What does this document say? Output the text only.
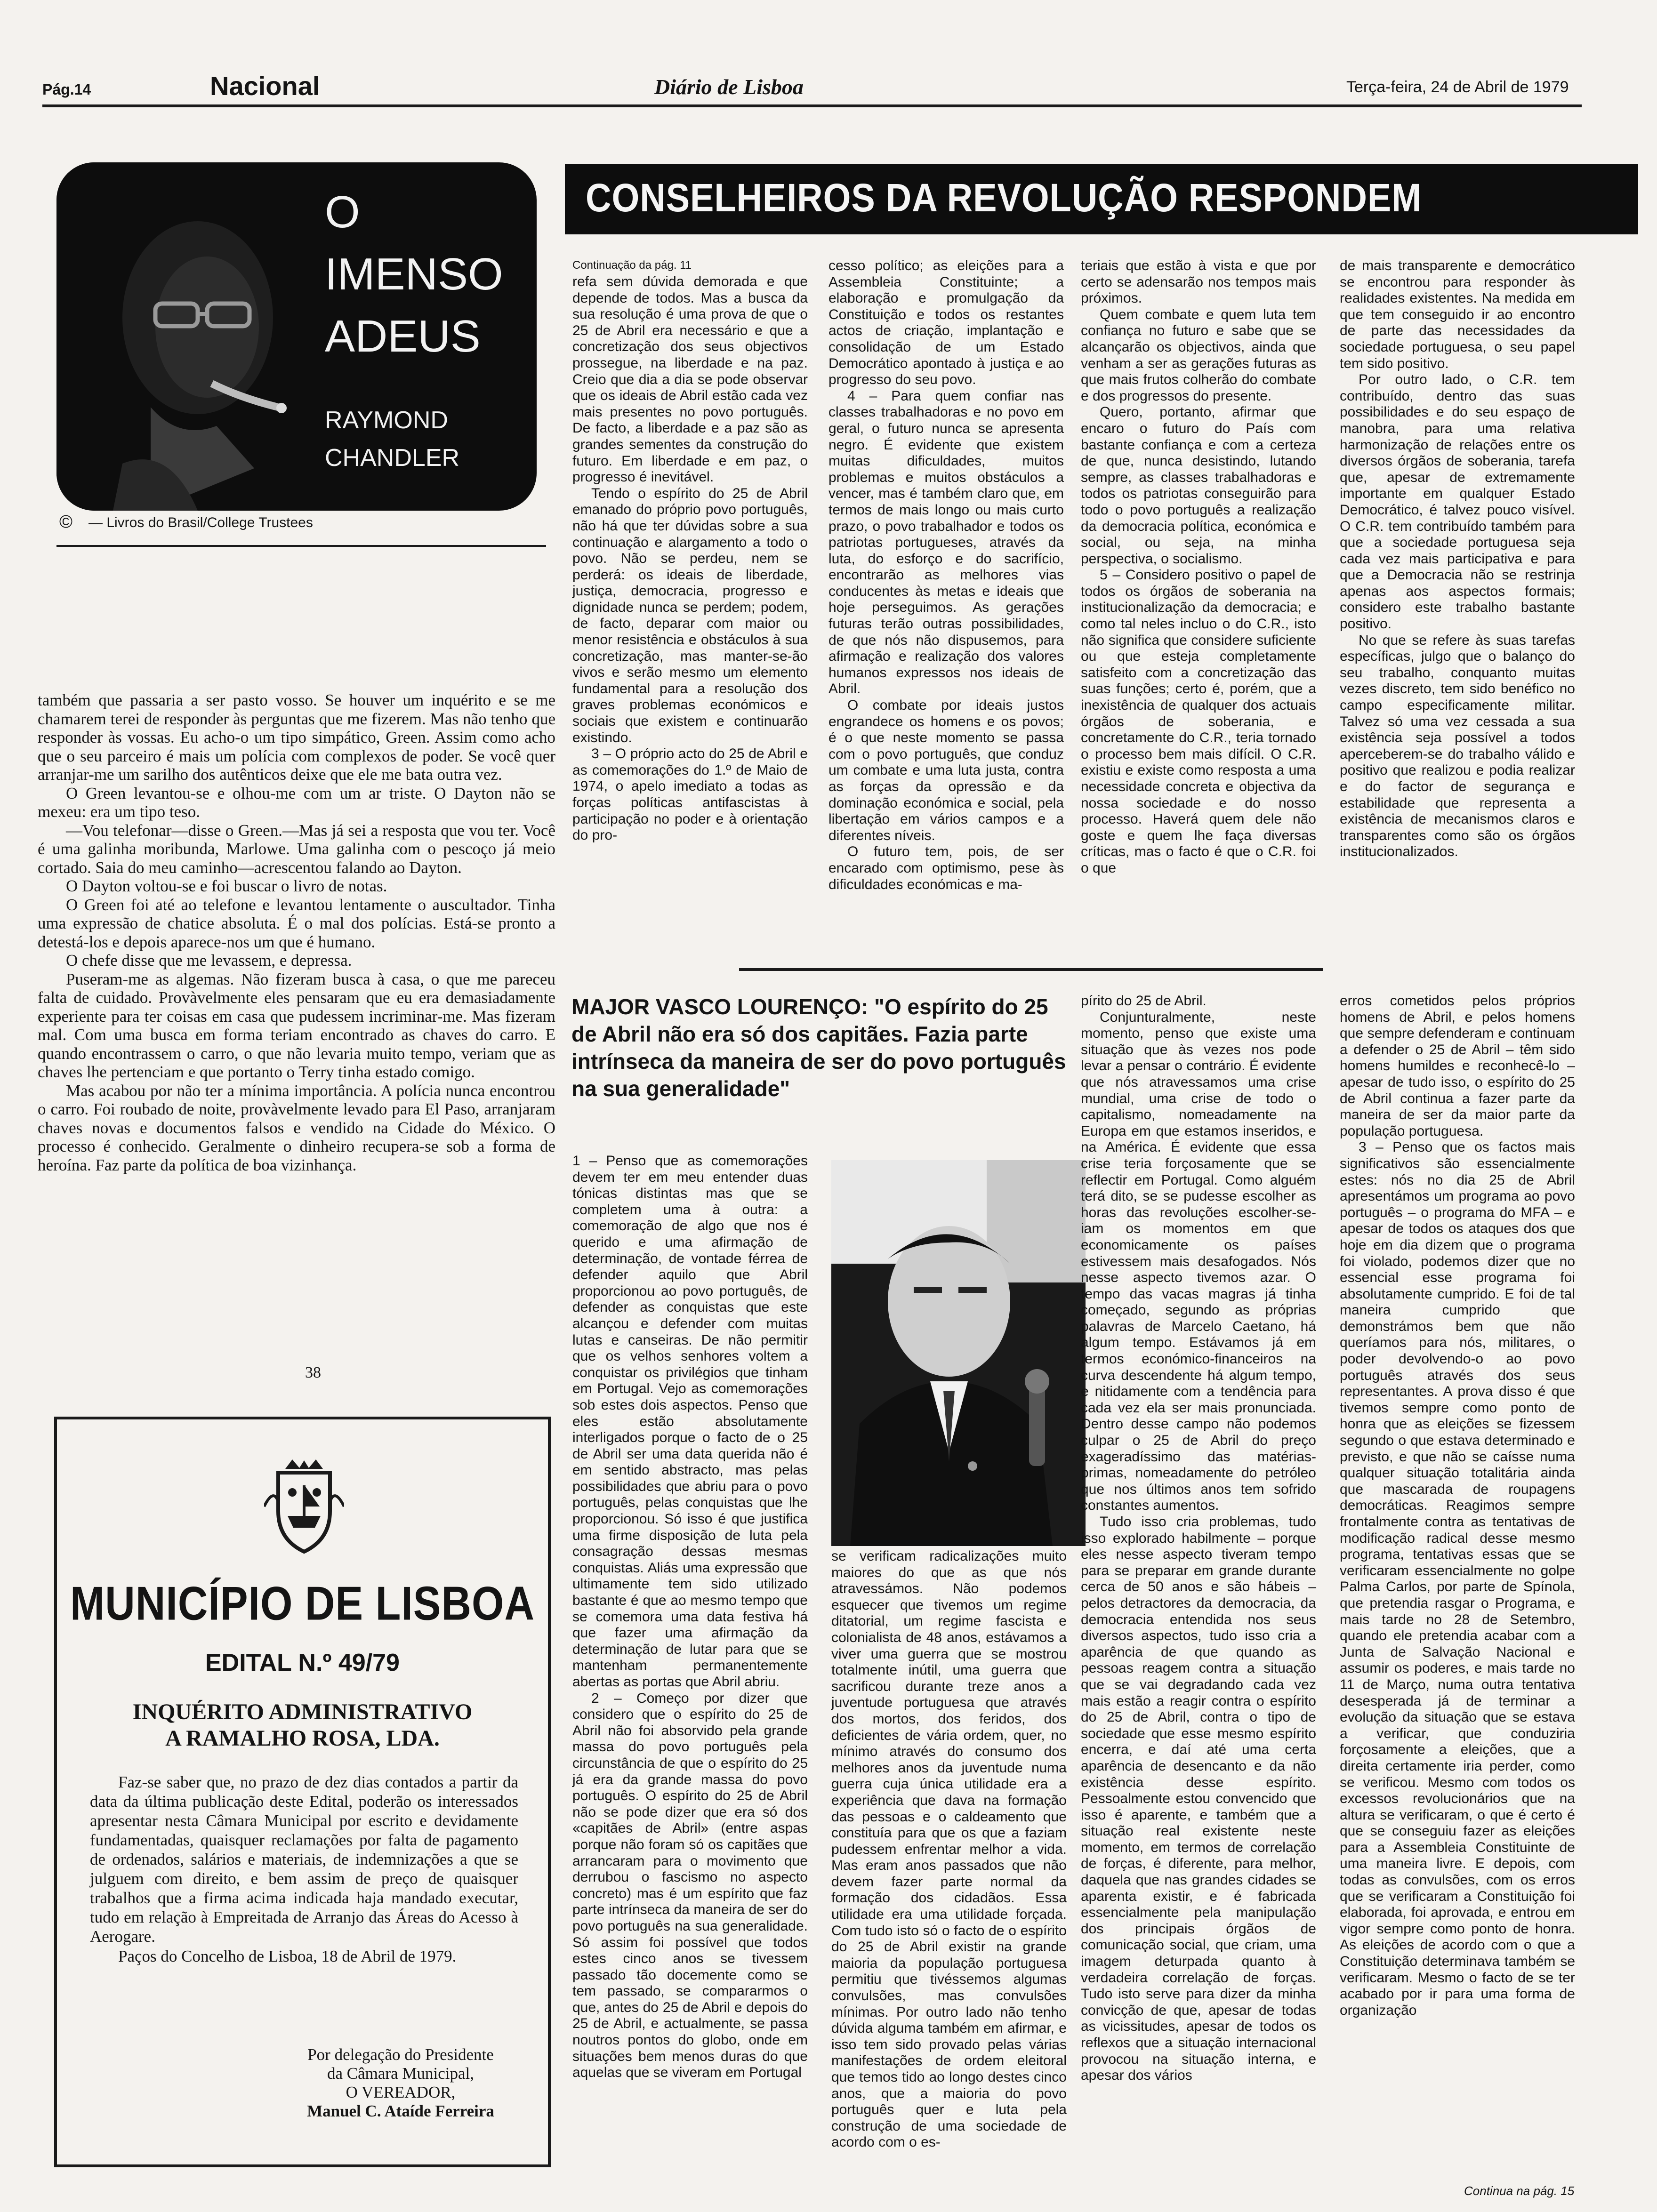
Pág.14	Nacional	Diário de Lisboa	Terça-feira, 24 de Abril de 1979
O
IMENSO
ADEUS
RAYMOND
CHANDLER
© — Livros do Brasil/College Trustees

também que passaria a ser pasto vosso. Se houver um inquérito e se me chamarem terei de responder às perguntas que me fizerem. Mas não tenho que responder às vossas. Eu acho-o um tipo simpático, Green. Assim como acho que o seu parceiro é mais um polícia com complexos de poder. Se você quer arranjar-me um sarilho dos autênticos deixe que ele me bata outra vez.

O Green levantou-se e olhou-me com um ar triste. O Dayton não se mexeu: era um tipo teso.

—Vou telefonar—disse o Green.—Mas já sei a resposta que vou ter. Você é uma galinha moribunda, Marlowe. Uma galinha com o pescoço já meio cortado. Saia do meu caminho—acrescentou falando ao Dayton.

O Dayton voltou-se e foi buscar o livro de notas.

O Green foi até ao telefone e levantou lentamente o auscultador. Tinha uma expressão de chatice absoluta. É o mal dos polícias. Está-se pronto a detestá-los e depois aparece-nos um que é humano.

O chefe disse que me levassem, e depressa.

Puseram-me as algemas. Não fizeram busca à casa, o que me pareceu falta de cuidado. Provàvelmente eles pensaram que eu era demasiadamente experiente para ter coisas em casa que pudessem incriminar-me. Mas fizeram mal. Com uma busca em forma teriam encontrado as chaves do carro. E quando encontrassem o carro, o que não levaria muito tempo, veriam que as chaves lhe pertenciam e que portanto o Terry tinha estado comigo.

Mas acabou por não ter a mínima importância. A polícia nunca encontrou o carro. Foi roubado de noite, provàvelmente levado para El Paso, arranjaram chaves novas e documentos falsos e vendido na Cidade do México. O processo é conhecido. Geralmente o dinheiro recupera-se sob a forma de heroína. Faz parte da política de boa vizinhança.

38
MUNICÍPIO DE LISBOA
EDITAL N.º 49/79
INQUÉRITO ADMINISTRATIVO
A RAMALHO ROSA, LDA.
Faz-se saber que, no prazo de dez dias contados a partir da data da última publicação deste Edital, poderão os interessados apresentar nesta Câmara Municipal por escrito e devidamente fundamentadas, quaisquer reclamações por falta de pagamento de ordenados, salários e materiais, de indemnizações a que se julguem com direito, e bem assim de preço de quaisquer trabalhos que a firma acima indicada haja mandado executar, tudo em relação à Empreitada de Arranjo das Áreas do Acesso à Aerogare.
Paços do Concelho de Lisboa, 18 de Abril de 1979.
Por delegação do Presidente
da Câmara Municipal,
O VEREADOR,
Manuel C. Ataíde Ferreira
CONSELHEIROS DA REVOLUÇÃO RESPONDEM
Continuação da pág. 11

refa sem dúvida demorada e que depende de todos. Mas a busca da sua resolução é uma prova de que o 25 de Abril era necessário e que a concretização dos seus objectivos prossegue, na liberdade e na paz. Creio que dia a dia se pode observar que os ideais de Abril estão cada vez mais presentes no povo português. De facto, a liberdade e a paz são as grandes sementes da construção do futuro. Em liberdade e em paz, o progresso é inevitável.

Tendo o espírito do 25 de Abril emanado do próprio povo português, não há que ter dúvidas sobre a sua continuação e alargamento a todo o povo. Não se perdeu, nem se perderá: os ideais de liberdade, justiça, democracia, progresso e dignidade nunca se perdem; podem, de facto, deparar com maior ou menor resistência e obstáculos à sua concretização, mas manter-se-ão vivos e serão mesmo um elemento fundamental para a resolução dos graves problemas económicos e sociais que existem e continuarão existindo.

3 – O próprio acto do 25 de Abril e as comemorações do 1.º de Maio de 1974, o apelo imediato a todas as forças políticas antifascistas à participação no poder e à orientação do pro-

cesso político; as eleições para a Assembleia Constituinte; a elaboração e promulgação da Constituição e todos os restantes actos de criação, implantação e consolidação de um Estado Democrático apontado à justiça e ao progresso do seu povo.

4 – Para quem confiar nas classes trabalhadoras e no povo em geral, o futuro nunca se apresenta negro. É evidente que existem muitas dificuldades, muitos problemas e muitos obstáculos a vencer, mas é também claro que, em termos de mais longo ou mais curto prazo, o povo trabalhador e todos os patriotas portugueses, através da luta, do esforço e do sacrifício, encontrarão as melhores vias conducentes às metas e ideais que hoje perseguimos. As gerações futuras terão outras possibilidades, de que nós não dispusemos, para afirmação e realização dos valores humanos expressos nos ideais de Abril.

O combate por ideais justos engrandece os homens e os povos; é o que neste momento se passa com o povo português, que conduz um combate e uma luta justa, contra as forças da opressão e da dominação económica e social, pela libertação em vários campos e a diferentes níveis.

O futuro tem, pois, de ser encarado com optimismo, pese às dificuldades económicas e ma-

teriais que estão à vista e que por certo se adensarão nos tempos mais próximos.

Quem combate e quem luta tem confiança no futuro e sabe que se alcançarão os objectivos, ainda que venham a ser as gerações futuras as que mais frutos colherão do combate e dos progressos do presente.

Quero, portanto, afirmar que encaro o futuro do País com bastante confiança e com a certeza de que, nunca desistindo, lutando sempre, as classes trabalhadoras e todos os patriotas conseguirão para todo o povo português a realização da democracia política, económica e social, ou seja, na minha perspectiva, o socialismo.

5 – Considero positivo o papel de todos os órgãos de soberania na institucionalização da democracia; e como tal neles incluo o do C.R., isto não significa que considere suficiente ou que esteja completamente satisfeito com a concretização das suas funções; certo é, porém, que a inexistência de qualquer dos actuais órgãos de soberania, e concretamente do C.R., teria tornado o processo bem mais difícil. O C.R. existiu e existe como resposta a uma necessidade concreta e objectiva da nossa sociedade e do nosso processo. Haverá quem dele não goste e quem lhe faça diversas críticas, mas o facto é que o C.R. foi o que

de mais transparente e democrático se encontrou para responder às realidades existentes. Na medida em que tem conseguido ir ao encontro de parte das necessidades da sociedade portuguesa, o seu papel tem sido positivo.

Por outro lado, o C.R. tem contribuído, dentro das suas possibilidades e do seu espaço de manobra, para uma relativa harmonização de relações entre os diversos órgãos de soberania, tarefa que, apesar de extremamente importante em qualquer Estado Democrático, é talvez pouco visível. O C.R. tem contribuído também para que a sociedade portuguesa seja cada vez mais participativa e para que a Democracia não se restrinja apenas aos aspectos formais; considero este trabalho bastante positivo.

No que se refere às suas tarefas específicas, julgo que o balanço do seu trabalho, conquanto muitas vezes discreto, tem sido benéfico no campo especificamente militar. Talvez só uma vez cessada a sua existência seja possível a todos aperceberem-se do trabalho válido e positivo que realizou e podia realizar e do factor de segurança e estabilidade que representa a existência de mecanismos claros e transparentes como são os órgãos institucionalizados.

MAJOR VASCO LOURENÇO: "O espírito do 25
de Abril não era só dos capitães. Fazia parte
intrínseca da maneira de ser do povo português
na sua generalidade"

1 – Penso que as comemorações devem ter em meu entender duas tónicas distintas mas que se completem uma à outra: a comemoração de algo que nos é querido e uma afirmação de determinação, de vontade férrea de defender aquilo que Abril proporcionou ao povo português, de defender as conquistas que este alcançou e defender com muitas lutas e canseiras. De não permitir que os velhos senhores voltem a conquistar os privilégios que tinham em Portugal. Vejo as comemorações sob estes dois aspectos. Penso que eles estão absolutamente interligados porque o facto de o 25 de Abril ser uma data querida não é em sentido abstracto, mas pelas possibilidades que abriu para o povo português, pelas conquistas que lhe proporcionou. Só isso é que justifica uma firme disposição de luta pela consagração dessas mesmas conquistas. Aliás uma expressão que ultimamente tem sido utilizado bastante é que ao mesmo tempo que se comemora uma data festiva há que fazer uma afirmação da determinação de lutar para que se mantenham permanentemente abertas as portas que Abril abriu.

2 – Começo por dizer que considero que o espírito do 25 de Abril não foi absorvido pela grande massa do povo português pela circunstância de que o espírito do 25 já era da grande massa do povo português. O espírito do 25 de Abril não se pode dizer que era só dos «capitães de Abril» (entre aspas porque não foram só os capitães que arrancaram para o movimento que derrubou o fascismo no aspecto concreto) mas é um espírito que faz parte intrínseca da maneira de ser do povo português na sua generalidade. Só assim foi possível que todos estes cinco anos se tivessem passado tão docemente como se tem passado, se compararmos o que, antes do 25 de Abril e depois do 25 de Abril, e actualmente, se passa noutros pontos do globo, onde em situações bem menos duras do que aquelas que se viveram em Portugal

se verificam radicalizações muito maiores do que as que nós atravessámos. Não podemos esquecer que tivemos um regime ditatorial, um regime fascista e colonialista de 48 anos, estávamos a viver uma guerra que se mostrou totalmente inútil, uma guerra que sacrificou durante treze anos a juventude portuguesa que através dos mortos, dos feridos, dos deficientes de vária ordem, quer, no mínimo através do consumo dos melhores anos da juventude numa guerra cuja única utilidade era a experiência que dava na formação das pessoas e o caldeamento que constituía para que os que a faziam pudessem enfrentar melhor a vida. Mas eram anos passados que não devem fazer parte normal da formação dos cidadãos. Essa utilidade era uma utilidade forçada. Com tudo isto só o facto de o espírito do 25 de Abril existir na grande maioria da população portuguesa permitiu que tivéssemos algumas convulsões, mas convulsões mínimas. Por outro lado não tenho dúvida alguma também em afirmar, e isso tem sido provado pelas várias manifestações de ordem eleitoral que temos tido ao longo destes cinco anos, que a maioria do povo português quer e luta pela construção de uma sociedade de acordo com o es-

pírito do 25 de Abril.

Conjunturalmente, neste momento, penso que existe uma situação que às vezes nos pode levar a pensar o contrário. É evidente que nós atravessamos uma crise mundial, uma crise de todo o capitalismo, nomeadamente na Europa em que estamos inseridos, e na América. É evidente que essa crise teria forçosamente que se reflectir em Portugal. Como alguém terá dito, se se pudesse escolher as horas das revoluções escolher-se-iam os momentos em que economicamente os países estivessem mais desafogados. Nós nesse aspecto tivemos azar. O tempo das vacas magras já tinha começado, segundo as próprias palavras de Marcelo Caetano, há algum tempo. Estávamos já em termos económico-financeiros na curva descendente há algum tempo, e nitidamente com a tendência para cada vez ela ser mais pronunciada. Dentro desse campo não podemos culpar o 25 de Abril do preço exageradíssimo das matérias-primas, nomeadamente do petróleo que nos últimos anos tem sofrido constantes aumentos.

Tudo isso cria problemas, tudo isso explorado habilmente – porque eles nesse aspecto tiveram tempo para se preparar em grande durante cerca de 50 anos e são hábeis – pelos detractores da democracia, da democracia entendida nos seus diversos aspectos, tudo isso cria a aparência de que quando as pessoas reagem contra a situação que se vai degradando cada vez mais estão a reagir contra o espírito do 25 de Abril, contra o tipo de sociedade que esse mesmo espírito encerra, e daí até uma certa aparência de desencanto e da não existência desse espírito. Pessoalmente estou convencido que isso é aparente, e também que a situação real existente neste momento, em termos de correlação de forças, é diferente, para melhor, daquela que nas grandes cidades se aparenta existir, e é fabricada essencialmente pela manipulação dos principais órgãos de comunicação social, que criam, uma imagem deturpada quanto à verdadeira correlação de forças. Tudo isto serve para dizer da minha convicção de que, apesar de todas as vicissitudes, apesar de todos os reflexos que a situação internacional provocou na situação interna, e apesar dos vários

erros cometidos pelos próprios homens de Abril, e pelos homens que sempre defenderam e continuam a defender o 25 de Abril – têm sido homens humildes e reconhecê-lo – apesar de tudo isso, o espírito do 25 de Abril continua a fazer parte da maneira de ser da maior parte da população portuguesa.

3 – Penso que os factos mais significativos são essencialmente estes: nós no dia 25 de Abril apresentámos um programa ao povo português – o programa do MFA – e apesar de todos os ataques dos que hoje em dia dizem que o programa foi violado, podemos dizer que no essencial esse programa foi absolutamente cumprido. E foi de tal maneira cumprido que demonstrámos bem que não queríamos para nós, militares, o poder devolvendo-o ao povo português através dos seus representantes. A prova disso é que tivemos sempre como ponto de honra que as eleições se fizessem segundo o que estava determinado e previsto, e que não se caísse numa qualquer situação totalitária ainda que mascarada de roupagens democráticas. Reagimos sempre frontalmente contra as tentativas de modificação radical desse mesmo programa, tentativas essas que se verificaram essencialmente no golpe Palma Carlos, por parte de Spínola, que pretendia rasgar o Programa, e mais tarde no 28 de Setembro, quando ele pretendia acabar com a Junta de Salvação Nacional e assumir os poderes, e mais tarde no 11 de Março, numa outra tentativa desesperada já de terminar a evolução da situação que se estava a verificar, que conduziria forçosamente a eleições, que a direita certamente iria perder, como se verificou. Mesmo com todos os excessos revolucionários que na altura se verificaram, o que é certo é que se conseguiu fazer as eleições para a Assembleia Constituinte de uma maneira livre. E depois, com todas as convulsões, com os erros que se verificaram a Constituição foi elaborada, foi aprovada, e entrou em vigor sempre como ponto de honra. As eleições de acordo com o que a Constituição determinava também se verificaram. Mesmo o facto de se ter acabado por ir para uma forma de organização

Continua na pág. 15
